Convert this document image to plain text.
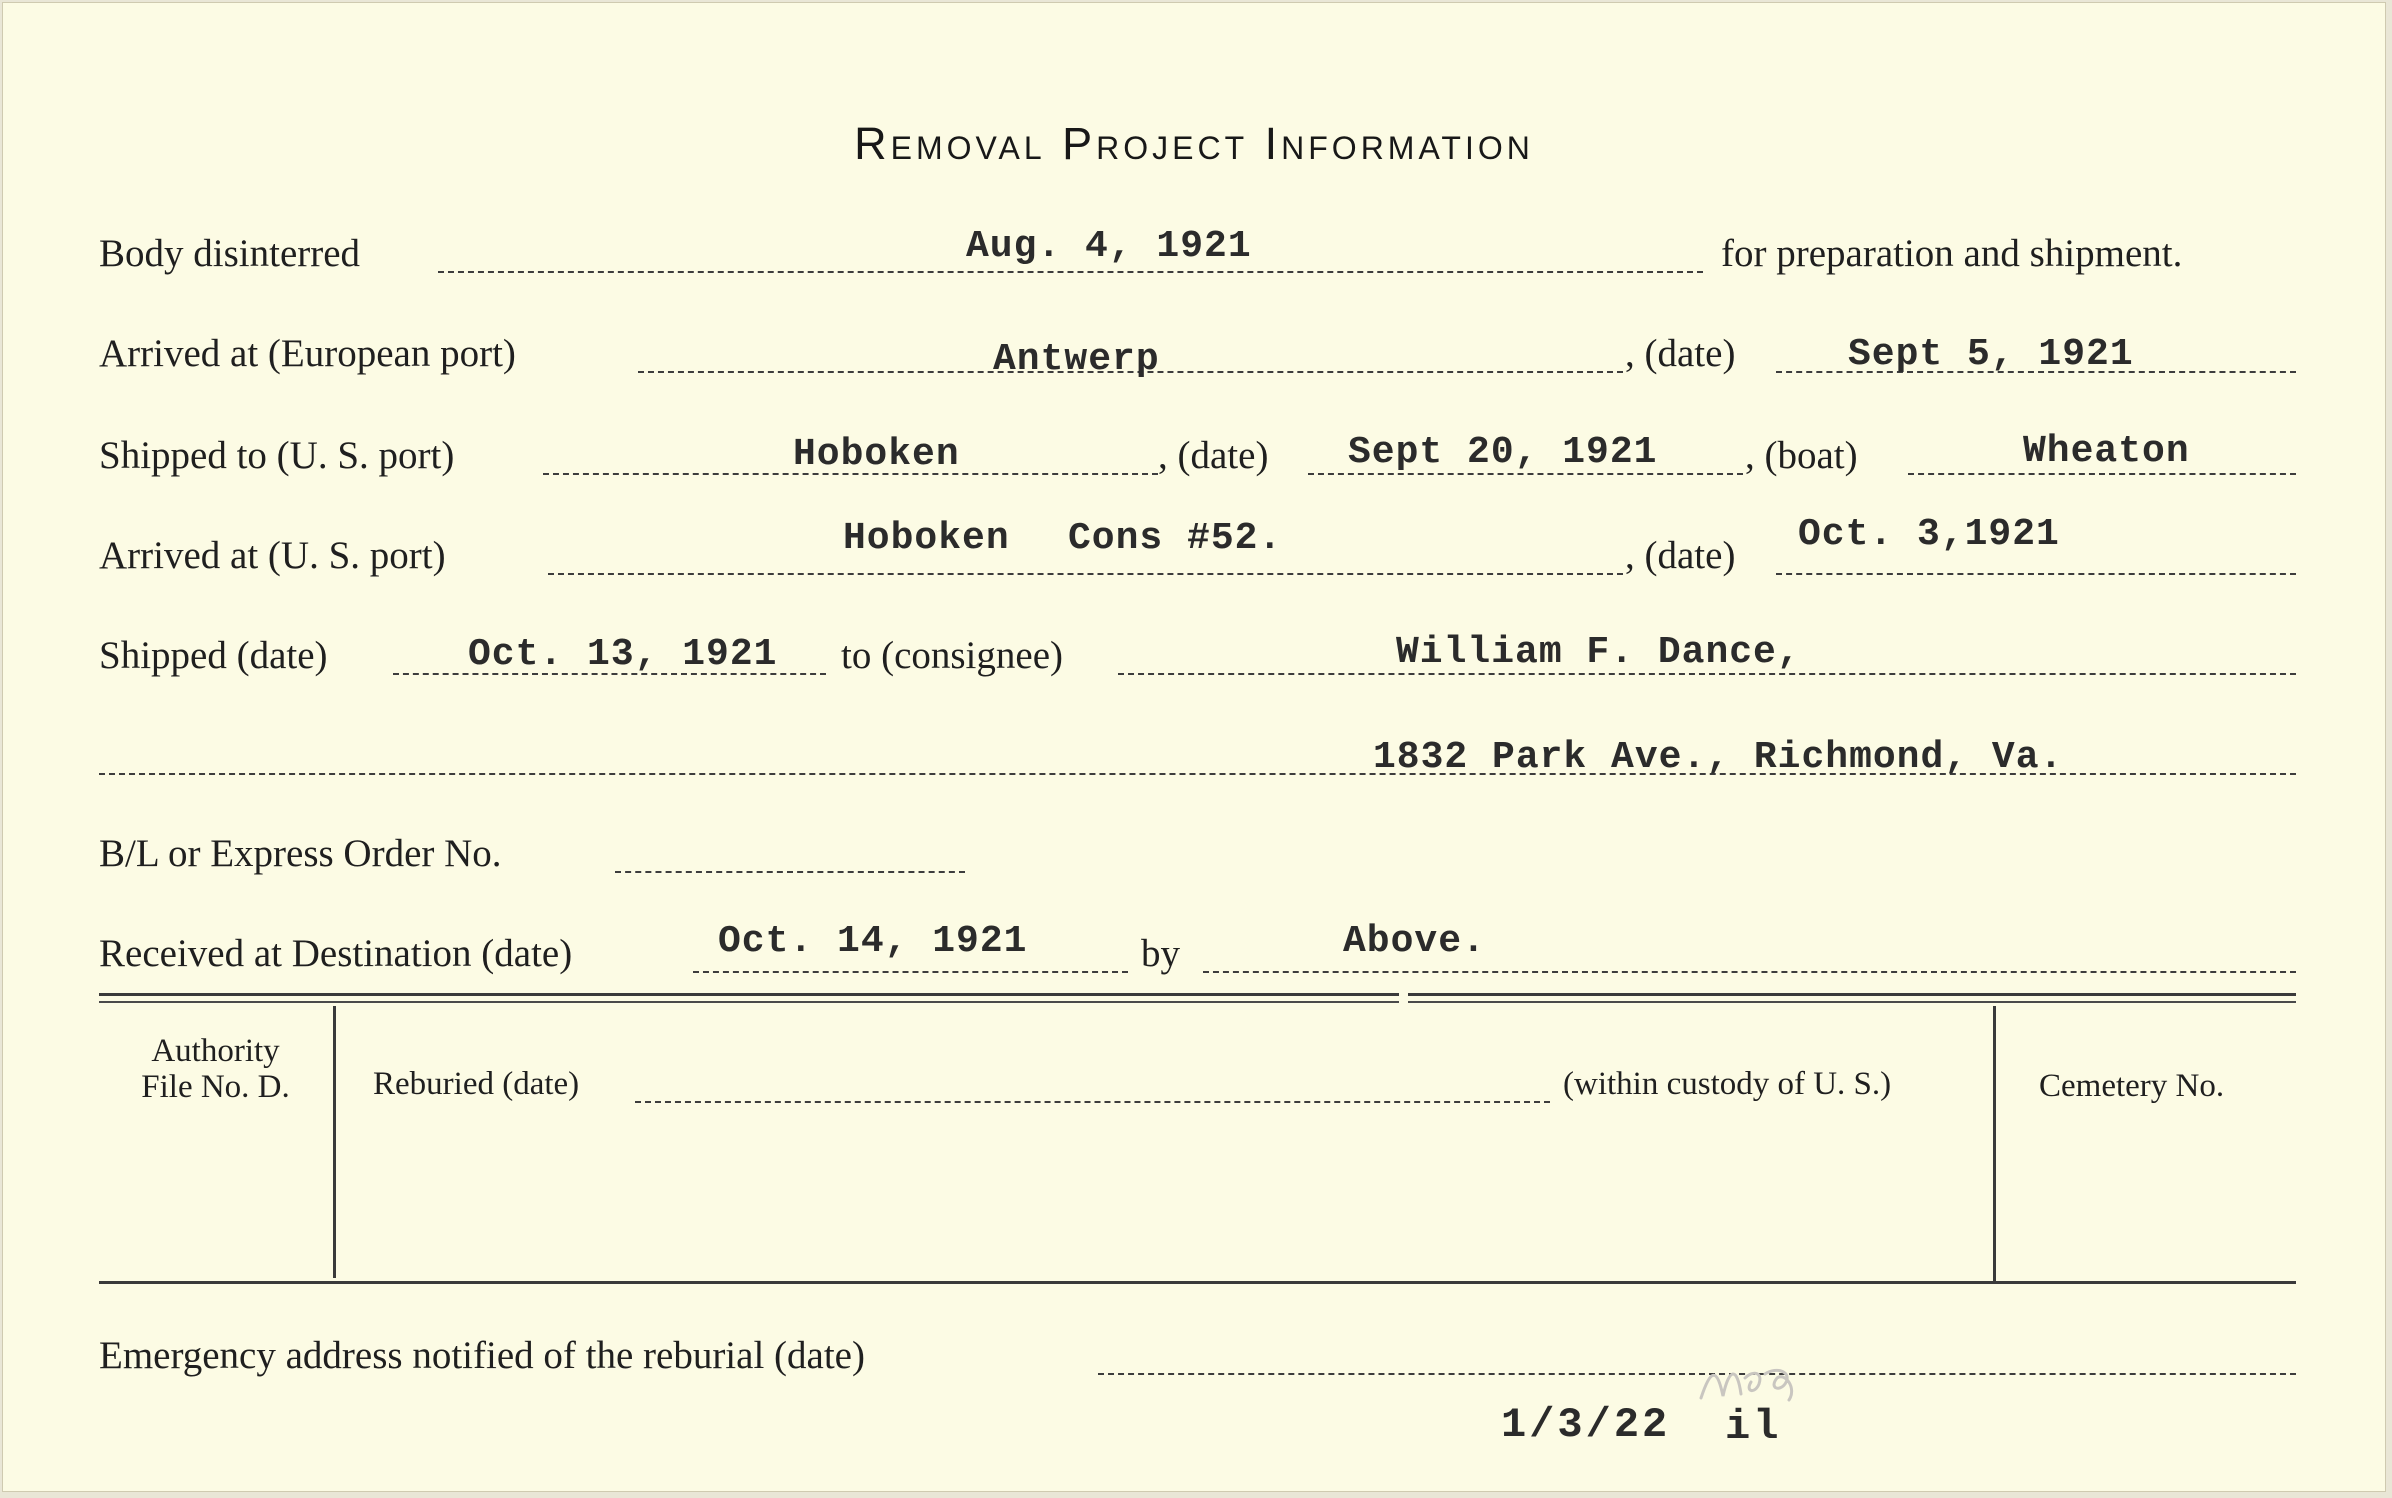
Removal Project Information
Body disinterred	Aug. 4, 1921	for preparation and shipment.
Arrived at (European port)	Antwerp	, (date)	Sept 5, 1921
Shipped to (U. S. port)	Hoboken	, (date) Sept 20, 1921 , (boat)	Wheaton
Arrived at (U. S. port)	Hoboken Cons #52.	, (date) Oct. 3,1921
Shipped (date)	Oct. 13, 1921 to (consignee)	William F. Dance,
1832 Park Ave., Richmond, Va.
B/L or Express Order No.
Received at Destination (date)	Oct. 14, 1921	by	Above.
Authority
File No. D.	Reburied (date)	(within custody of U. S.)	Cemetery No.
Emergency address notified of the reburial (date)
1/3/22 il
